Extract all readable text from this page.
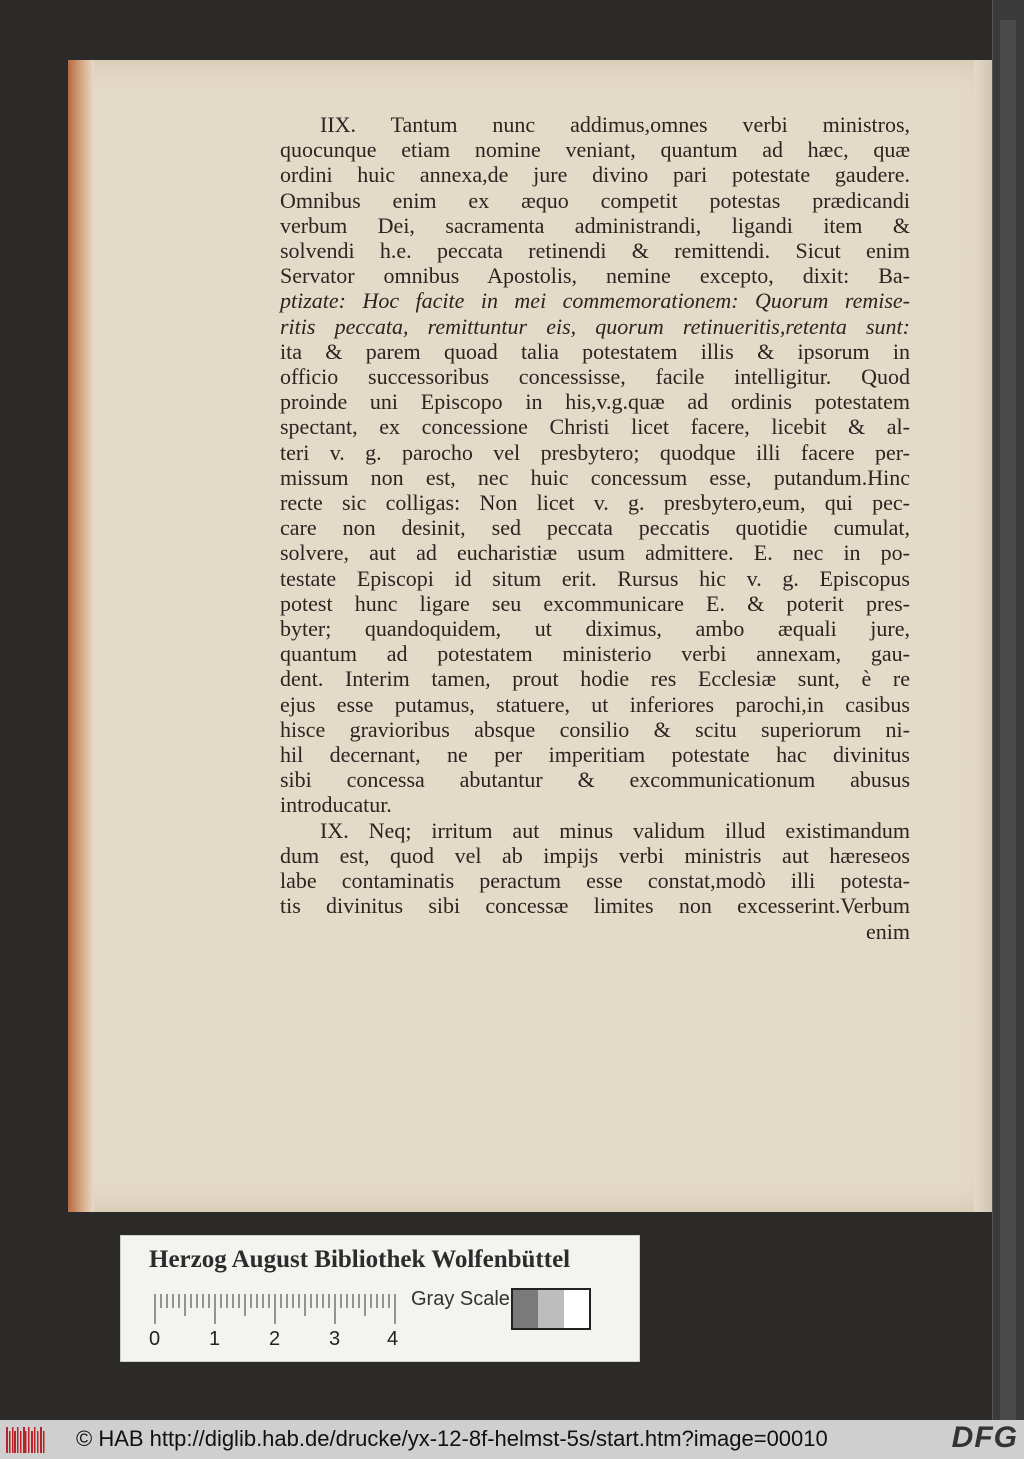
IIX. Tantum nunc addimus,omnes verbi ministros,
quocunque etiam nomine veniant, quantum ad hæc, quæ
ordini huic annexa,de jure divino pari potestate gaudere.
Omnibus enim ex æquo competit potestas prædicandi
verbum Dei, sacramenta administrandi, ligandi item &
solvendi h.e. peccata retinendi & remittendi. Sicut enim
Servator omnibus Apostolis, nemine excepto, dixit: Ba-
ptizate: Hoc facite in mei commemorationem: Quorum remise-
ritis peccata, remittuntur eis, quorum retinueritis,retenta sunt:
ita & parem quoad talia potestatem illis & ipsorum in
officio successoribus concessisse, facile intelligitur. Quod
proinde uni Episcopo in his,v.g.quæ ad ordinis potestatem
spectant, ex concessione Christi licet facere, licebit & al-
teri v. g. parocho vel presbytero; quodque illi facere per-
missum non est, nec huic concessum esse, putandum.Hinc
recte sic colligas: Non licet v. g. presbytero,eum, qui pec-
care non desinit, sed peccata peccatis quotidie cumulat,
solvere, aut ad eucharistiæ usum admittere. E. nec in po-
testate Episcopi id situm erit. Rursus hic v. g. Episcopus
potest hunc ligare seu excommunicare E. & poterit pres-
byter; quandoquidem, ut diximus, ambo æquali jure,
quantum ad potestatem ministerio verbi annexam, gau-
dent. Interim tamen, prout hodie res Ecclesiæ sunt, è re
ejus esse putamus, statuere, ut inferiores parochi,in casibus
hisce gravioribus absque consilio & scitu superiorum ni-
hil decernant, ne per imperitiam potestate hac divinitus
sibi concessa abutantur & excommunicationum abusus
introducatur.
IX. Neq; irritum aut minus validum illud existimandum
dum est, quod vel ab impijs verbi ministris aut hæreseos
labe contaminatis peractum esse constat,modò illi potesta-
tis divinitus sibi concessæ limites non excesserint.Verbum
enim
Herzog August Bibliothek Wolfenbüttel
0 1 2 3 4
Gray Scale
© HAB http://diglib.hab.de/drucke/yx-12-8f-helmst-5s/start.htm?image=00010	DFG
